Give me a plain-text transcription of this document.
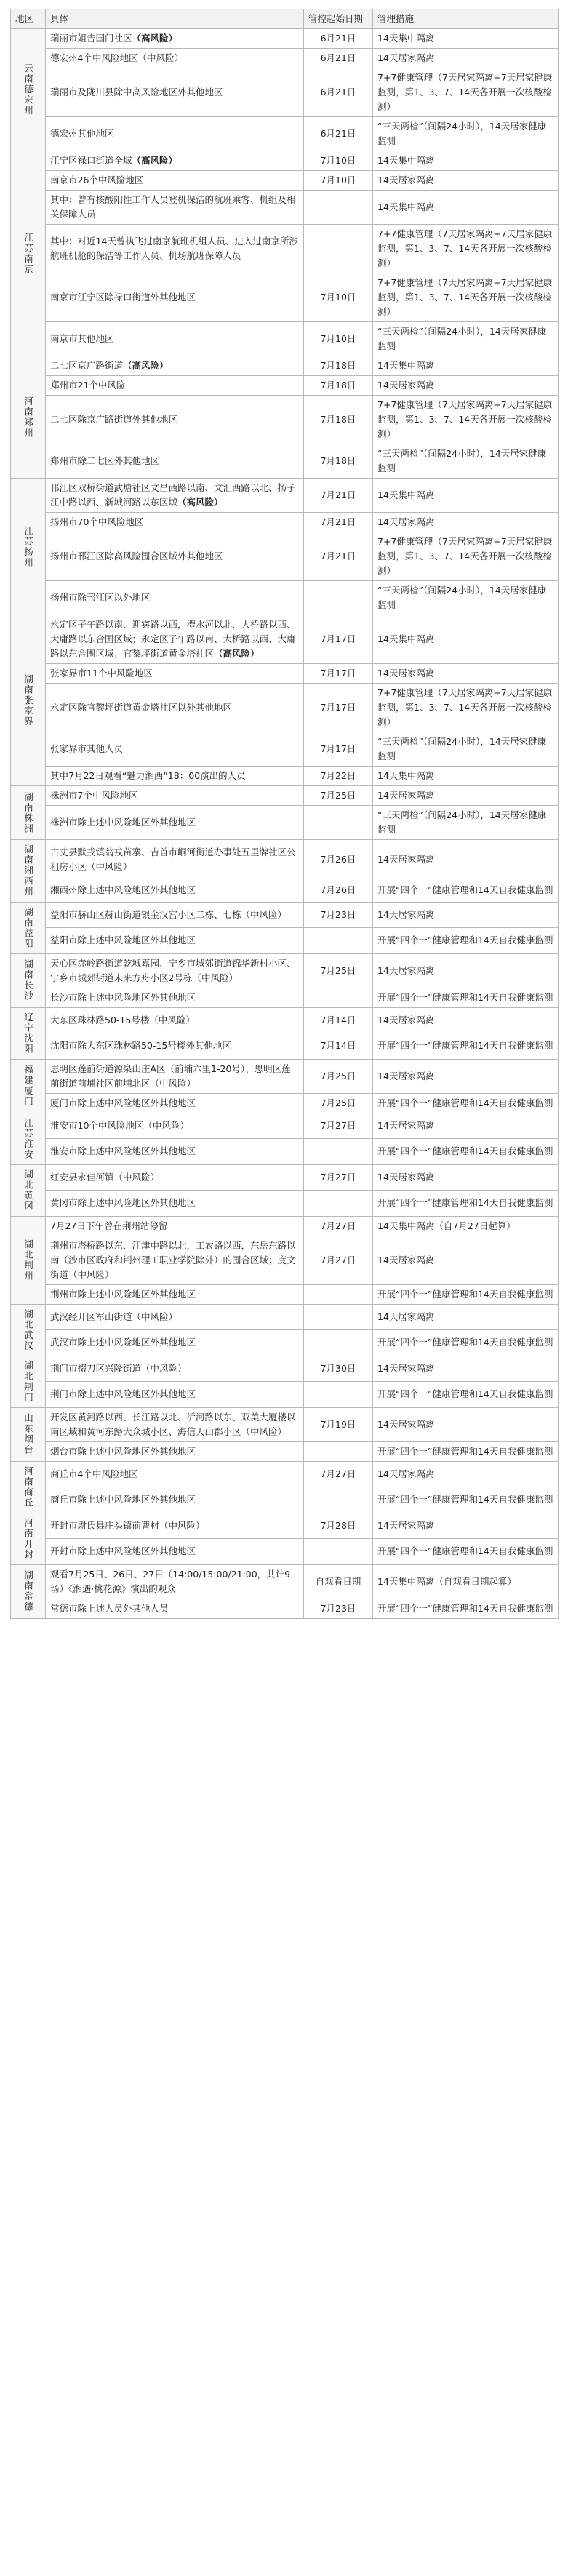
地区	具体	管控起始日期	管理措施
云南德宏州	瑞丽市姐告国门社区（高风险）	6月21日	14天集中隔离
	德宏州4个中风险地区（中风险）	6月21日	14天居家隔离
	瑞丽市及陇川县除中高风险地区外其他地区	6月21日	7+7健康管理（7天居家隔离+7天居家健康监测，第1、3、7、14天各开展一次核酸检测）
	德宏州其他地区	6月21日	“三天两检”（间隔24小时），14天居家健康监测
江苏南京	江宁区禄口街道全域（高风险）	7月10日	14天集中隔离
	南京市26个中风险地区	7月10日	14天居家隔离
	其中：曾有核酸阳性工作人员登机保洁的航班乘客、机组及相关保障人员		14天集中隔离
	其中：对近14天曾执飞过南京航班机组人员、进入过南京所涉航班机舱的保洁等工作人员、机场航班保障人员		7+7健康管理（7天居家隔离+7天居家健康监测，第1、3、7、14天各开展一次核酸检测）
	南京市江宁区除禄口街道外其他地区	7月10日	7+7健康管理（7天居家隔离+7天居家健康监测，第1、3、7、14天各开展一次核酸检测）
	南京市其他地区	7月10日	“三天两检”（间隔24小时），14天居家健康监测
河南郑州	二七区京广路街道（高风险）	7月18日	14天集中隔离
	郑州市21个中风险	7月18日	14天居家隔离
	二七区除京广路街道外其他地区	7月18日	7+7健康管理（7天居家隔离+7天居家健康监测，第1、3、7、14天各开展一次核酸检测）
	郑州市除二七区外其他地区	7月18日	“三天两检”（间隔24小时），14天居家健康监测
江苏扬州	邗江区双桥街道武塘社区文昌西路以南、文汇西路以北、扬子江中路以西、新城河路以东区域（高风险）	7月21日	14天集中隔离
	扬州市70个中风险地区	7月21日	14天居家隔离
	扬州市邗江区除高风险围合区域外其他地区	7月21日	7+7健康管理（7天居家隔离+7天居家健康监测，第1、3、7、14天各开展一次核酸检测）
	扬州市除邗江区以外地区		“三天两检”（间隔24小时），14天居家健康监测
湖南张家界	永定区子午路以南、迎宾路以西，澧水河以北、大桥路以西、大庸路以东合围区域；永定区子午路以南、大桥路以西、大庸路以东合围区域；官黎坪街道黄金塔社区（高风险）	7月17日	14天集中隔离
	张家界市11个中风险地区	7月17日	14天居家隔离
	永定区除官黎坪街道黄金塔社区以外其他地区	7月17日	7+7健康管理（7天居家隔离+7天居家健康监测，第1、3、7、14天各开展一次核酸检测）
	张家界市其他人员	7月17日	“三天两检”（间隔24小时），14天居家健康监测
	其中7月22日观看“魅力湘西”18：00演出的人员	7月22日	14天集中隔离
湖南株洲	株洲市7个中风险地区	7月25日	14天居家隔离
	株洲市除上述中风险地区外其他地区		“三天两检”（间隔24小时），14天居家健康监测
湖南湘西州	古丈县默戎镇翁戎苗寨、吉首市峒河街道办事处五里牌社区公租房小区（中风险）	7月26日	14天居家隔离
	湘西州除上述中风险地区外其他地区	7月26日	开展“四个一”健康管理和14天自我健康监测
湖南益阳	益阳市赫山区赫山街道银金汉宫小区二栋、七栋（中风险）	7月23日	14天居家隔离
	益阳市除上述中风险地区外其他地区		开展“四个一”健康管理和14天自我健康监测
湖南长沙	天心区赤岭路街道乾城嘉园、宁乡市城郊街道锦华新村小区、宁乡市城郊街道未来方舟小区2号栋（中风险）	7月25日	14天居家隔离
	长沙市除上述中风险地区外其他地区		开展“四个一”健康管理和14天自我健康监测
辽宁沈阳	大东区珠林路50-15号楼（中风险）	7月14日	14天居家隔离
	沈阳市除大东区珠林路50-15号楼外其他地区	7月14日	开展“四个一”健康管理和14天自我健康监测
福建厦门	思明区莲前街道源泉山庄A区（前埔六里1-20号）、思明区莲前街道前埔社区前埔北区（中风险）	7月25日	14天居家隔离
	厦门市除上述中风险地区外其他地区	7月25日	开展“四个一”健康管理和14天自我健康监测
江苏淮安	淮安市10个中风险地区（中风险）	7月27日	14天居家隔离
	淮安市除上述中风险地区外其他地区		开展“四个一”健康管理和14天自我健康监测
湖北黄冈	红安县永佳河镇（中风险）	7月27日	14天居家隔离
	黄冈市除上述中风险地区外其他地区		开展“四个一”健康管理和14天自我健康监测
湖北荆州	7月27日下午曾在荆州站停留	7月27日	14天集中隔离（自7月27日起算）
	荆州市塔桥路以东、江津中路以北，工农路以西，东岳东路以南（沙市区政府和荆州理工职业学院除外）的围合区域；度文街道（中风险）	7月27日	14天居家隔离
	荆州市除上述中风险地区外其他地区		开展“四个一”健康管理和14天自我健康监测
湖北武汉	武汉经开区军山街道（中风险）		14天居家隔离
	武汉市除上述中风险地区外其他地区		开展“四个一”健康管理和14天自我健康监测
湖北荆门	荆门市掇刀区兴隆街道（中风险）	7月30日	14天居家隔离
	荆门市除上述中风险地区外其他地区		开展“四个一”健康管理和14天自我健康监测
山东烟台	开发区黄河路以西、长江路以北、沂河路以东、双美大厦楼以南区域和黄河东路大众城小区、海信天山郡小区（中风险）	7月19日	14天居家隔离
	烟台市除上述中风险地区外其他地区		开展“四个一”健康管理和14天自我健康监测
河南商丘	商丘市4个中风险地区	7月27日	14天居家隔离
	商丘市除上述中风险地区外其他地区		开展“四个一”健康管理和14天自我健康监测
河南开封	开封市尉氏县庄头镇前曹村（中风险）	7月28日	14天居家隔离
	开封市除上述中风险地区外其他地区		开展“四个一”健康管理和14天自我健康监测
湖南常德	观看7月25日、26日、27日（14:00/15:00/21:00，共计9场）《湘遇·桃花源》演出的观众	自观看日期	14天集中隔离（自观看日期起算）
	常德市除上述人员外其他人员	7月23日	开展“四个一”健康管理和14天自我健康监测
